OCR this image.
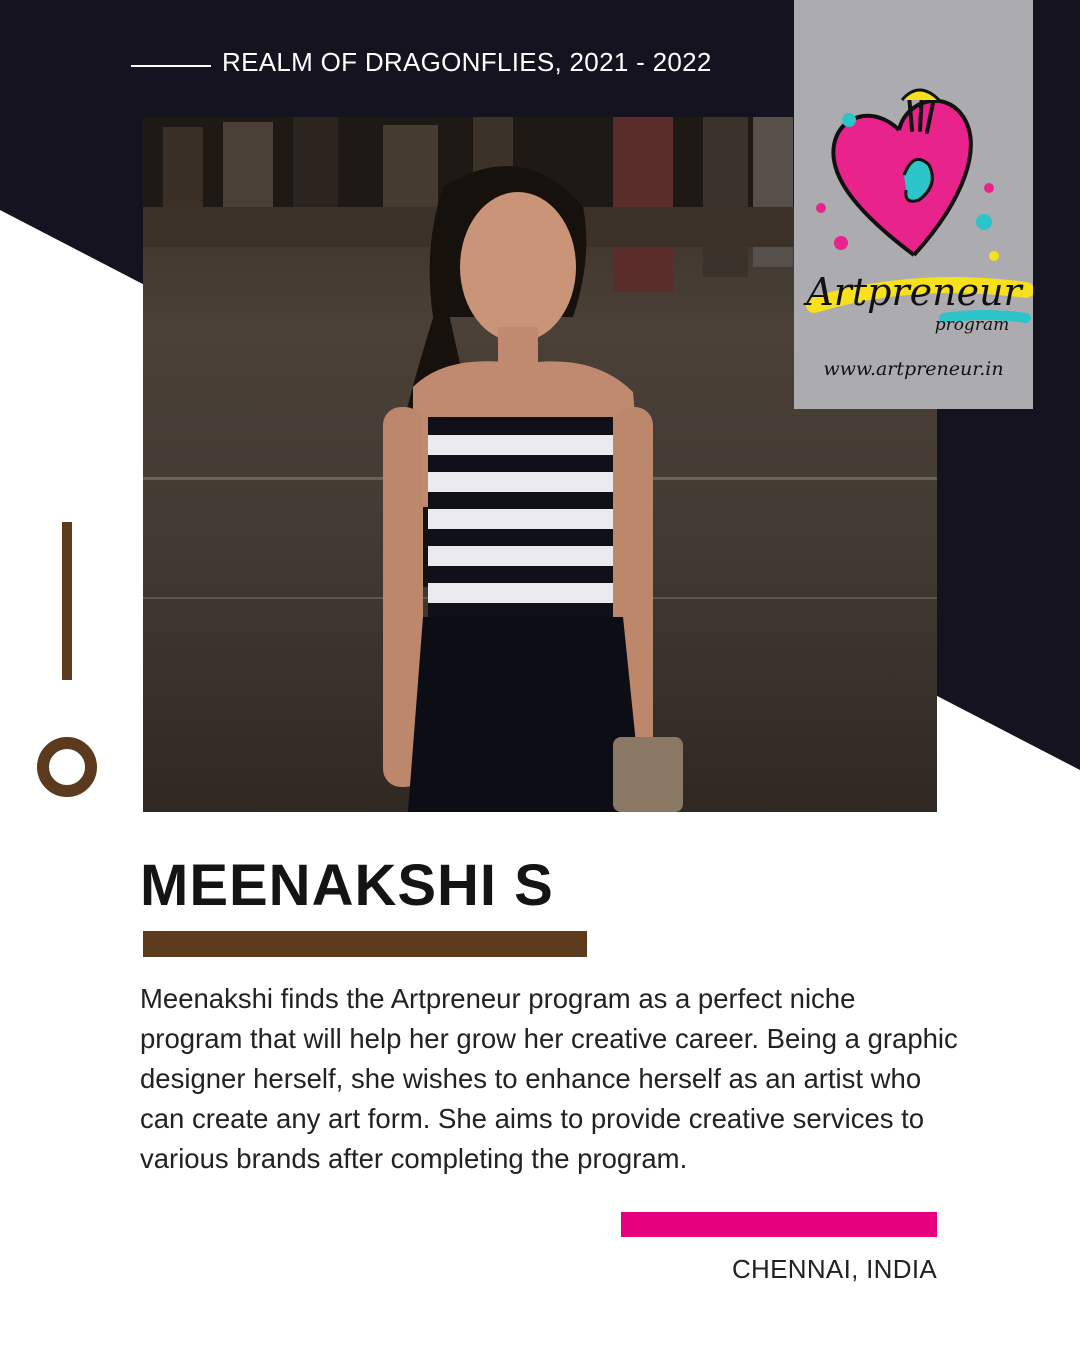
REALM OF DRAGONFLIES, 2021 - 2022
Artpreneur
program
www.artpreneur.in
MEENAKSHI S

Meenakshi finds the Artpreneur program as a perfect niche program that will help her grow her creative career. Being a graphic designer herself, she wishes to enhance herself as an artist who can create any art form. She aims to provide creative services to various brands after completing the program.

CHENNAI, INDIA
